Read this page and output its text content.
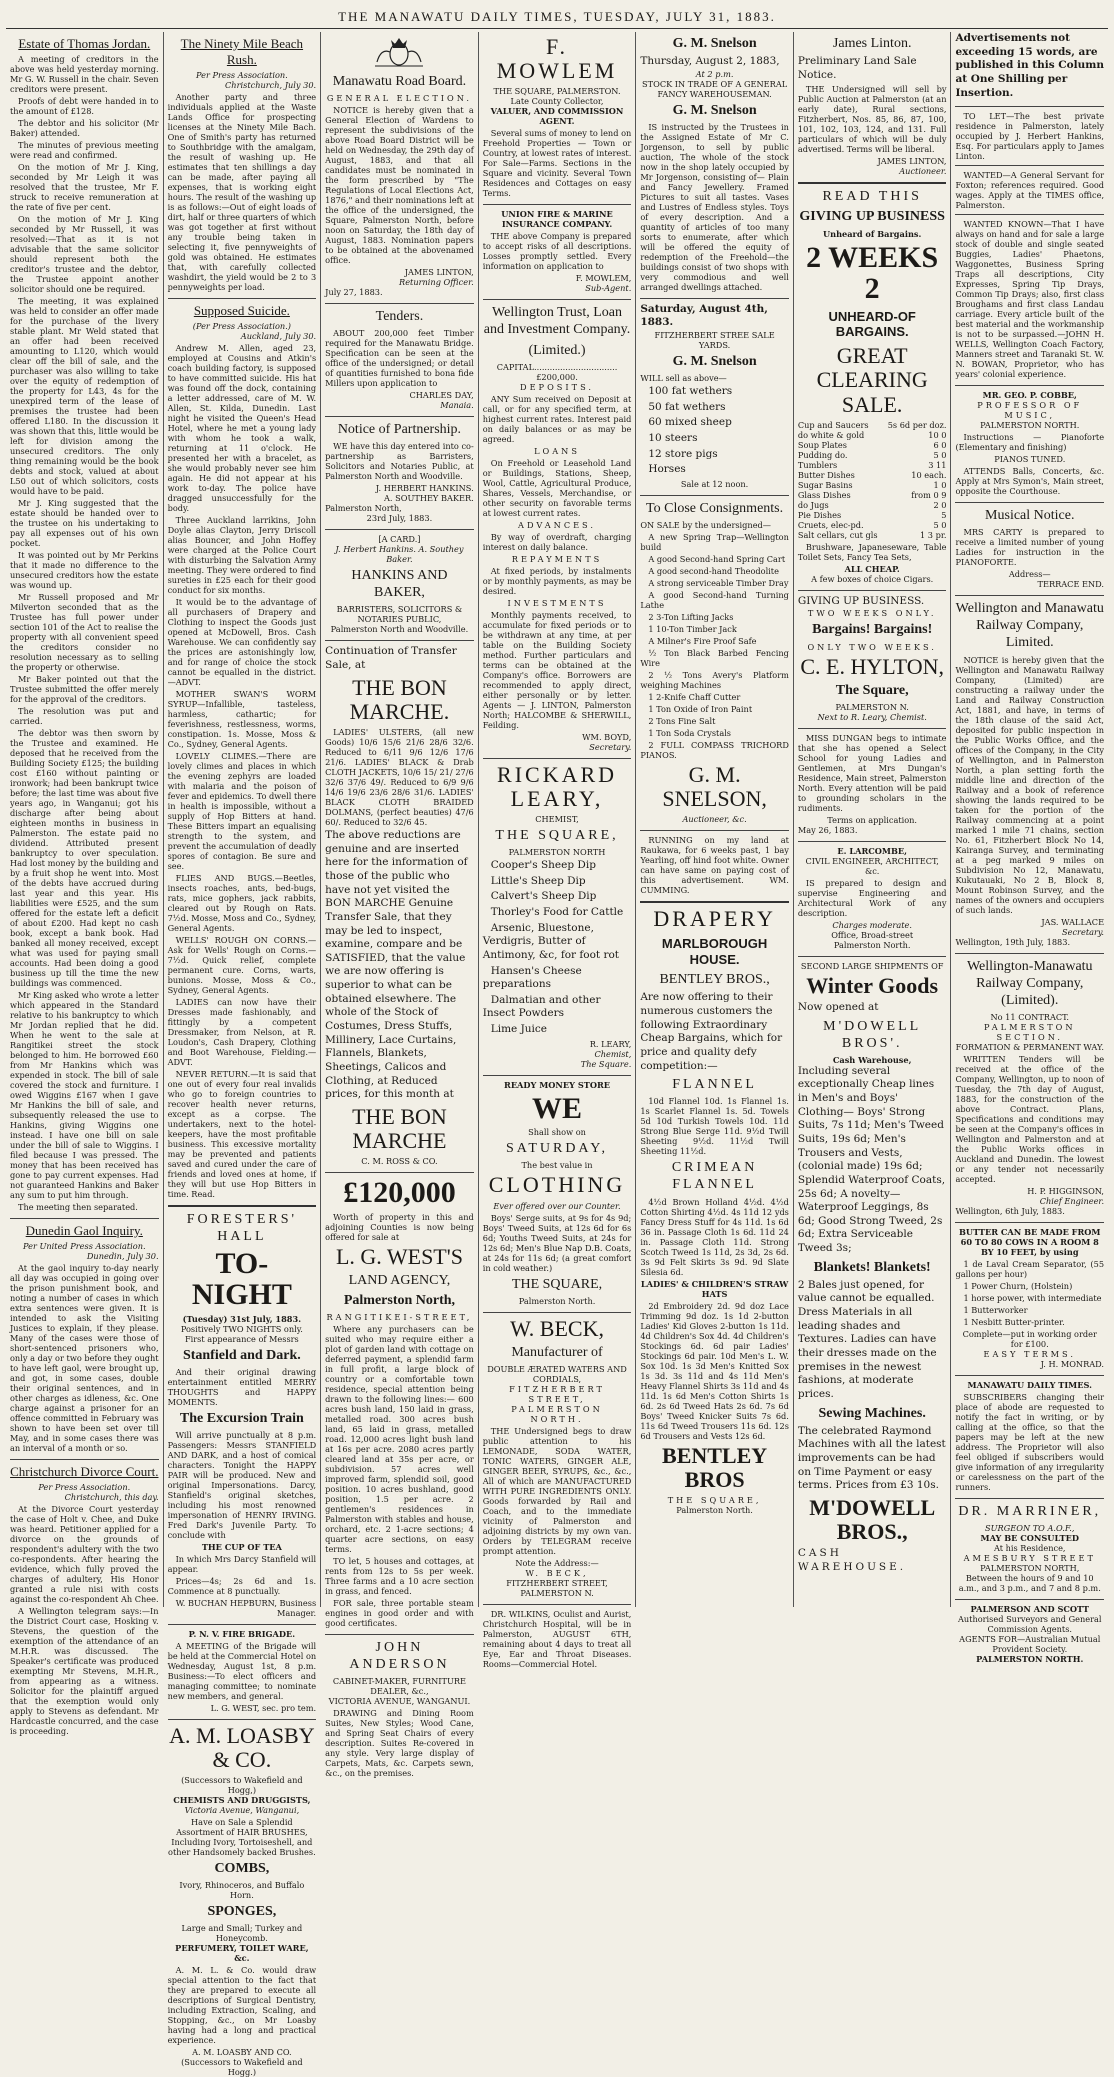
THE MANAWATU DAILY TIMES, TUESDAY, JULY 31, 1883.
Estate of Thomas Jordan.

A meeting of creditors in the above was held yesterday morning. Mr G. W. Russell in the chair. Seven creditors were present.

Proofs of debt were handed in to the amount of £128.

The debtor and his solicitor (Mr Baker) attended.

The minutes of previous meeting were read and confirmed.

On the motion of Mr J. King, seconded by Mr Leigh it was resolved that the trustee, Mr F. struck to receive remuneration at the rate of five per cent.

On the motion of Mr J. King seconded by Mr Russell, it was resolved:—That as it is not advisable that the same solicitor should represent both the creditor's trustee and the debtor, the Trustee appoint another solicitor should one be required.

The meeting, it was explained was held to consider an offer made for the purchase of the livery stable plant. Mr Weld stated that an offer had been received amounting to L120, which would clear off the bill of sale, and the purchaser was also willing to take over the equity of redemption of the property for L43, 4s for the unexpired term of the lease of premises the trustee had been offered L180. In the discussion it was shown that this, little would be left for division among the unsecured creditors. The only thing remaining would be the book debts and stock, valued at about L50 out of which solicitors, costs would have to be paid.

Mr J. King suggested that the estate should be handed over to the trustee on his undertaking to pay all expenses out of his own pocket.

It was pointed out by Mr Perkins that it made no difference to the unsecured creditors how the estate was wound up.

Mr Russell proposed and Mr Milverton seconded that as the Trustee has full power under section 101 of the Act to realise the property with all convenient speed the creditors consider no resolution necessary as to selling the property or otherwise.

Mr Baker pointed out that the Trustee submitted the offer merely for the approval of the creditors.

The resolution was put and carried.

The debtor was then sworn by the Trustee and examined. He deposed that he received from the Building Society £125; the building cost £160 without painting or ironwork; had been bankrupt twice before; the last time was about five years ago, in Wanganui; got his discharge after being about eighteen months in business in Palmerston. The estate paid no dividend. Attributed present bankruptcy to over speculation. Had lost money by the building and by a fruit shop he went into. Most of the debts have accrued during last year and this year. His liabilities were £525, and the sum offered for the estate left a deficit of about £200. Had kept no cash book, except a bank book. Had banked all money received, except what was used for paying small accounts. Had been doing a good business up till the time the new buildings was commenced.

Mr King asked who wrote a letter which appeared in the Standard relative to his bankruptcy to which Mr Jordan replied that he did. When he went to the sale at Rangitikei street the stock belonged to him. He borrowed £60 from Mr Hankins which was expended in stock. The bill of sale covered the stock and furniture. I owed Wiggins £167 when I gave Mr Hankins the bill of sale, and subsequently released the use to Hankins, giving Wiggins one instead. I have one bill on sale under the bill of sale to Wiggins. I filed because I was pressed. The money that has been received has gone to pay current expenses. Had not guaranteed Hankins and Baker any sum to put him through.

The meeting then separated.

Dunedin Gaol Inquiry.
Per United Press Association.
Dunedin, July 30.

At the gaol inquiry to-day nearly all day was occupied in going over the prison punishment book, and noting a number of cases in which extra sentences were given. It is intended to ask the Visiting Justices to explain, if they please. Many of the cases were those of short-sentenced prisoners who, only a day or two before they ought to have left gaol, were brought up, and got, in some cases, double their original sentences, and in other charges as idleness, &c. One charge against a prisoner for an offence committed in February was shown to have been set over till May, and in some cases there was an interval of a month or so.

Christchurch Divorce Court.
Per Press Association.
Christchurch, this day.

At the Divorce Court yesterday the case of Holt v. Chee, and Duke was heard. Petitioner applied for a divorce on the grounds of respondent's adultery with the two co-respondents. After hearing the evidence, which fully proved the charges of adultery, His Honor granted a rule nisi with costs against the co-respondent Ah Chee.

A Wellington telegram says:—In the District Court case, Hosking v. Stevens, the question of the exemption of the attendance of an M.H.R. was discussed. The Speaker's certificate was produced exempting Mr Stevens, M.H.R., from appearing as a witness. Solicitor for the plaintiff argued that the exemption would only apply to Stevens as defendant. Mr Hardcastle concurred, and the case is proceeding.

The Ninety Mile Beach Rush.
Per Press Association.
Christchurch, July 30.

Another party and three individuals applied at the Waste Lands Office for prospecting licenses at the Ninety Mile Bach. One of Smith's party has returned to Southbridge with the amalgam, the result of washing up. He estimates that ten shillings a day can be made, after paying all expenses, that is working eight hours. The result of the washing up is as follows:—Out of eight loads of dirt, half or three quarters of which was got together at first without any trouble being taken in selecting it, five pennyweights of gold was obtained. He estimates that, with carefully collected washdirt, the yield would be 2 to 3 pennyweights per load.

Supposed Suicide.
(Per Press Association.)
Auckland, July 30.

Andrew M. Allen, aged 23, employed at Cousins and Atkin's coach building factory, is supposed to have committed suicide. His hat was found off the dock, containing a letter addressed, care of M. W. Allen, St. Kilda, Dunedin. Last night he visited the Queen's Head Hotel, where he met a young lady with whom he took a walk, returning at 11 o'clock. He presented her with a bracelet, as she would probably never see him again. He did not appear at his work to-day. The police have dragged unsuccessfully for the body.

Three Auckland larrikins, John Doyle alias Clayton, Jerry Driscoll alias Bouncer, and John Hoffey were charged at the Police Court with disturbing the Salvation Army meeting. They were ordered to find sureties in £25 each for their good conduct for six months.

It would be to the advantage of all purchasers of Drapery and Clothing to inspect the Goods just opened at McDowell, Bros. Cash Warehouse. We can confidently say the prices are astonishingly low, and for range of choice the stock cannot be equalled in the district.—ADVT.

MOTHER SWAN'S WORM SYRUP—Infallible, tasteless, harmless, cathartic; for feverishness, restlessness, worms, constipation. 1s. Mosse, Moss & Co., Sydney, General Agents.

LOVELY CLIMES.—There are lovely climes and places in which the evening zephyrs are loaded with malaria and the poison of fever and epidemics. To dwell there in health is impossible, without a supply of Hop Bitters at hand. These Bitters impart an equalising strength to the system, and prevent the accumulation of deadly spores of contagion. Be sure and see.

FLIES AND BUGS.—Beetles, insects roaches, ants, bed-bugs, rats, mice gophers, jack rabbits, cleared out by Rough on Rats. 7½d. Mosse, Moss and Co., Sydney, General Agents.

WELLS' ROUGH ON CORNS.—Ask for Wells' Rough on Corns.—7½d. Quick relief, complete permanent cure. Corns, warts, bunions. Mosse, Moss & Co., Sydney, General Agents.

LADIES can now have their Dresses made fashionably, and fittingly by a competent Dressmaker, from Nelson, at R. Loudon's, Cash Drapery, Clothing and Boot Warehouse, Fielding.—ADVT.

NEVER RETURN.—It is said that one out of every four real invalids who go to foreign countries to recover health never returns, except as a corpse. The undertakers, next to the hotel-keepers, have the most profitable business. This excessive mortality may be prevented and patients saved and cured under the care of friends and loved ones at home, if they will but use Hop Bitters in time. Read.

FORESTERS' HALL
TO-NIGHT
(Tuesday) 31st July, 1883.
Positively TWO NIGHTS only.
First appearance of Messrs
Stanfield and Dark.

And their original drawing entertainment entitled MERRY THOUGHTS and HAPPY MOMENTS.

The Excursion Train

Will arrive punctually at 8 p.m. Passengers: Messrs STANFIELD AND DARK, and a host of comical characters. Tonight the HAPPY PAIR will be produced. New and original Impersonations. Darcy, Stanfield's original sketches, including his most renowned impersonation of HENRY IRVING. Fred Dark's Juvenile Party. To conclude with

THE CUP OF TEA

In which Mrs Darcy Stanfield will appear.

Prices—4s; 2s 6d and 1s. Commence at 8 punctually.

W. BUCHAN HEPBURN, Business Manager.
P. N. V. FIRE BRIGADE.

A MEETING of the Brigade will be held at the Commercial Hotel on Wednesday, August 1st, 8 p.m. Business:—To elect officers and managing committee; to nominate new members, and general.

L. G. WEST, sec. pro tem.
A. M. LOASBY & CO.
(Successors to Wakefield and Hogg,)
CHEMISTS AND DRUGGISTS,
Victoria Avenue, Wanganui,

Have on Sale a Splendid Assortment of HAIR BRUSHES, Including Ivory, Tortoiseshell, and other Handsomely backed Brushes.

COMBS,
Ivory, Rhinoceros, and Buffalo Horn.
SPONGES,
Large and Small; Turkey and Honeycomb.
PERFUMERY, TOILET WARE, &c.

A. M. L. & Co. would draw special attention to the fact that they are prepared to execute all descriptions of Surgical Dentistry, including Extraction, Scaling, and Stopping, &c., on Mr Loasby having had a long and practical experience.

A. M. LOASBY AND CO.
(Successors to Wakefield and Hogg.)
Manawatu Road Board.
GENERAL ELECTION.

NOTICE is hereby given that a General Election of Wardens to represent the subdivisions of the above Road Board District will be held on Wednesday, the 29th day of August, 1883, and that all candidates must be nominated in the form prescribed by "The Regulations of Local Elections Act, 1876," and their nominations left at the office of the undersigned, the Square, Palmerston North, before noon on Saturday, the 18th day of August, 1883. Nomination papers to be obtained at the abovenamed office.

JAMES LINTON,
Returning Officer.
July 27, 1883.
Tenders.

ABOUT 200,000 feet Timber required for the Manawatu Bridge. Specification can be seen at the office of the undersigned; or detail of quantities furnished to bona fide Millers upon application to

CHARLES DAY,
Manaia.
Notice of Partnership.

WE have this day entered into co-partnership as Barristers, Solicitors and Notaries Public, at Palmerston North and Woodville.

J. HERBERT HANKINS.
A. SOUTHEY BAKER.
Palmerston North,
23rd July, 1883.
[A CARD.]
J. Herbert Hankins. A. Southey Baker.
HANKINS AND BAKER,
BARRISTERS, SOLICITORS & NOTARIES PUBLIC,
Palmerston North and Woodville.
Continuation of Transfer Sale, at
THE BON MARCHE.

LADIES' ULSTERS, (all new Goods) 10/6 15/6 21/6 28/6 32/6. Reduced to 6/11 9/6 12/6 17/6 21/6. LADIES' BLACK & Drab CLOTH JACKETS, 10/6 15/ 21/ 27/6 32/6 37/6 49/. Reduced to 6/9 9/6 14/6 19/6 23/6 28/6 31/6. LADIES' BLACK CLOTH BRAIDED DOLMANS, (perfect beauties) 47/6 60/. Reduced to 32/6 45.

The above reductions are genuine and are inserted here for the information of those of the public who have not yet visited the BON MARCHE Genuine Transfer Sale, that they may be led to inspect, examine, compare and be SATISFIED, that the value we are now offering is superior to what can be obtained elsewhere. The whole of the Stock of Costumes, Dress Stuffs, Millinery, Lace Curtains, Flannels, Blankets, Sheetings, Calicos and Clothing, at Reduced prices, for this month at
THE BON MARCHE
C. M. ROSS & CO.
£120,000

Worth of property in this and adjoining Counties is now being offered for sale at

L. G. WEST'S
LAND AGENCY,
Palmerston North,
RANGITIKEI-STREET,

Where any purchasers can be suited who may require either a plot of garden land with cottage on deferred payment, a splendid farm in full profit, a large block of country or a comfortable town residence, special attention being drawn to the following lines:— 600 acres bush land, 150 laid in grass, metalled road. 300 acres bush land, 65 laid in grass, metalled road. 12,000 acres light bush land at 16s per acre. 2080 acres partly cleared land at 35s per acre, or subdivision. 57 acres well improved farm, splendid soil, good position. 10 acres bushland, good position, 1.5 per acre. 2 gentlemen's residences in Palmerston with stables and house, orchard, etc. 2 1-acre sections; 4 quarter acre sections, on easy terms.

TO let, 5 houses and cottages, at rents from 12s to 5s per week. Three farms and a 10 acre section in grass, and fenced.

FOR sale, three portable steam engines in good order and with good certificates.

JOHN ANDERSON
CABINET-MAKER, FURNITURE DEALER, &c.,
VICTORIA AVENUE, WANGANUI.

DRAWING and Dining Room Suites, New Styles; Wood Cane, and Spring Seat Chairs of every description. Suites Re-covered in any style. Very large display of Carpets, Mats, &c. Carpets sewn, &c., on the premises.

F. MOWLEM
THE SQUARE, PALMERSTON.
Late County Collector,
VALUER, AND COMMISSION AGENT.

Several sums of money to lend on Freehold Properties — Town or Country, at lowest rates of interest. For Sale—Farms. Sections in the Square and vicinity. Several Town Residences and Cottages on easy Terms.

UNION FIRE & MARINE INSURANCE COMPANY.

THE above Company is prepared to accept risks of all descriptions. Losses promptly settled. Every information on application to

F. MOWLEM,
Sub-Agent.
Wellington Trust, Loan and Investment Company.
(Limited.)
CAPITAL................................£200,000.
DEPOSITS.

ANY Sum received on Deposit at call, or for any specified term, at highest current rates. Interest paid on daily balances or as may be agreed.

LOANS

On Freehold or Leasehold Land or Buildings, Stations, Sheep, Wool, Cattle, Agricultural Produce, Shares, Vessels, Merchandise, or other security on favorable terms at lowest current rates.

ADVANCES.

By way of overdraft, charging interest on daily balance.

REPAYMENTS

At fixed periods, by instalments or by monthly payments, as may be desired.

INVESTMENTS

Monthly payments received, to accumulate for fixed periods or to be withdrawn at any time, at per table on the Building Society method. Further particulars and terms can be obtained at the Company's office. Borrowers are recommended to apply direct, either personally or by letter. Agents — J. LINTON, Palmerston North; HALCOMBE & SHERWILL, Feilding.

WM. BOYD,
Secretary.
RICKARD LEARY,
CHEMIST,
THE SQUARE,
PALMERSTON NORTH

Cooper's Sheep Dip

Little's Sheep Dip

Calvert's Sheep Dip

Thorley's Food for Cattle

Arsenic, Bluestone, Verdigris, Butter of Antimony, &c, for foot rot

Hansen's Cheese preparations

Dalmatian and other Insect Powders

Lime Juice

R. LEARY,
Chemist,
The Square.
READY MONEY STORE
WE
Shall show on
SATURDAY,
The best value in
CLOTHING
Ever offered over our Counter.

Boys' Serge suits, at 9s for 4s 9d; Boys' Tweed Suits, at 12s 6d for 6s 6d; Youths Tweed Suits, at 24s for 12s 6d; Men's Blue Nap D.B. Coats, at 24s for 11s 6d; (a great comfort in cold weather.)

THE SQUARE,
Palmerston North.
W. BECK,
Manufacturer of
DOUBLE ÆRATED WATERS AND CORDIALS,
FITZHERBERT STREET,
PALMERSTON NORTH.

THE Undersigned begs to draw public attention to his LEMONADE, SODA WATER, TONIC WATERS, GINGER ALE, GINGER BEER, SYRUPS, &c., &c., All of which are MANUFACTURED WITH PURE INGREDIENTS ONLY. Goods forwarded by Rail and Coach, and to the immediate vicinity of Palmerston and adjoining districts by my own van. Orders by TELEGRAM receive prompt attention.

Note the Address:—
W. BECK,
FITZHERBERT STREET, PALMERSTON N.

DR. WILKINS, Oculist and Aurist, Christchurch Hospital, will be in Palmerston, AUGUST 6TH, remaining about 4 days to treat all Eye, Ear and Throat Diseases. Rooms—Commercial Hotel.

G. M. Snelson
Thursday, August 2, 1883,
At 2 p.m.
STOCK IN TRADE OF A GENERAL FANCY WAREHOUSEMAN.
G. M. Snelson

IS instructed by the Trustees in the Assigned Estate of Mr C. Jorgenson, to sell by public auction, The whole of the stock now in the shop lately occupied by Mr Jorgenson, consisting of— Plain and Fancy Jewellery. Framed Pictures to suit all tastes. Vases and Lustres of Endless styles. Toys of every description. And a quantity of articles of too many sorts to enumerate, after which will be offered the equity of redemption of the Freehold—the buildings consist of two shops with very commodious and well arranged dwellings attached.

Saturday, August 4th, 1883.
FITZHERBERT STREE SALE YARDS.
G. M. Snelson
WILL sell as above—

100 fat wethers

50 fat wethers

60 mixed sheep

10 steers

12 store pigs

Horses

Sale at 12 noon.
To Close Consignments.
ON SALE by the undersigned—

A new Spring Trap—Wellington build

A good Second-hand Spring Cart

A good second-hand Theodolite

A strong serviceable Timber Dray

A good Second-hand Turning Lathe

2 3-Ton Lifting Jacks

1 10-Ton Timber Jack

A Milner's Fire Proof Safe

½ Ton Black Barbed Fencing Wire

2 ½ Tons Avery's Platform weighing Machines

1 2-Knife Chaff Cutter

1 Ton Oxide of Iron Paint

2 Tons Fine Salt

1 Ton Soda Crystals

2 FULL COMPASS TRICHORD PIANOS.

G. M. SNELSON,
Auctioneer, &c.

RUNNING on my land at Raukawa, for 6 weeks past, 1 bay Yearling, off hind foot white. Owner can have same on paying cost of this advertisement. WM. CUMMING.

DRAPERY
MARLBOROUGH HOUSE.
BENTLEY BROS.,
Are now offering to their numerous customers the following Extraordinary Cheap Bargains, which for price and quality defy competition:—
FLANNEL

10d Flannel 10d. 1s Flannel 1s. 1s Scarlet Flannel 1s. 5d. Towels 5d 10d Turkish Towels 10d. 11d Strong Blue Serge 11d. 9½d Twill Sheeting 9½d. 11½d Twill Sheeting 11½d.

CRIMEAN FLANNEL

4½d Brown Holland 4½d. 4½d Cotton Shirting 4½d. 4s 11d 12 yds Fancy Dress Stuff for 4s 11d. 1s 6d 36 in. Passage Cloth 1s 6d. 11d 24 in. Passage Cloth 11d. Strong Scotch Tweed 1s 11d, 2s 3d, 2s 6d. 3s 9d Felt Skirts 3s 9d. 9d Slate Silesia 6d.

LADIES' & CHILDREN'S STRAW HATS

2d Embroidery 2d. 9d doz Lace Trimming 9d doz. 1s 1d 2-button Ladies' Kid Gloves 2-button 1s 11d. 4d Children's Sox 4d. 4d Children's Stockings 6d. 6d pair Ladies' Stockings 6d pair. 10d Men's L. W. Sox 10d. 1s 3d Men's Knitted Sox 1s 3d. 3s 11d and 4s 11d Men's Heavy Flannel Shirts 3s 11d and 4s 11d. 1s 6d Men's Cotton Shirts 1s 6d. 2s 6d Tweed Hats 2s 6d. 7s 6d Boys' Tweed Knicker Suits 7s 6d. 11s 6d Tweed Trousers 11s 6d. 12s 6d Trousers and Vests 12s 6d.

BENTLEY BROS
THE SQUARE,
Palmerston North.
James Linton.
Preliminary Land Sale Notice.

THE Undersigned will sell by Public Auction at Palmerston (at an early date), Rural sections, Fitzherbert, Nos. 85, 86, 87, 100, 101, 102, 103, 124, and 131. Full particulars of which will be duly advertised. Terms will be liberal.

JAMES LINTON,
Auctioneer.
READ THIS
GIVING UP BUSINESS
Unheard of Bargains.
2 WEEKS 2
UNHEARD-OF BARGAINS.
GREAT CLEARING SALE.
Cup and Saucers 5s 6d per doz.
do white & gold	10 0
Soup Plates	6 0
Pudding do.	5 0
Tumblers	3 11
Butter Dishes	10 each.
Sugar Basins	1 0
Glass Dishes	from 0 9
do Jugs	2 0
Pie Dishes	5
Cruets, elec-pd.	5 0
Salt cellars, cut gls	1 3 pr.

Brushware, Japaneseware, Table Toilet Sets, Fancy Tea Sets,

ALL CHEAP.
A few boxes of choice Cigars.
GIVING UP BUSINESS.
TWO WEEKS ONLY.
Bargains! Bargains!
ONLY TWO WEEKS.
C. E. HYLTON,
The Square,
PALMERSTON N.
Next to R. Leary, Chemist.

MISS DUNGAN begs to intimate that she has opened a Select School for young Ladies and Gentlemen, at Mrs Dungan's Residence, Main street, Palmerston North. Every attention will be paid to grounding scholars in the rudiments.

Terms on application.
May 26, 1883.
E. LARCOMBE,
CIVIL ENGINEER, ARCHITECT, &c.

IS prepared to design and supervise Engineering and Architectural Work of any description.

Charges moderate.
Office, Broad-street
Palmerston North.
SECOND LARGE SHIPMENTS OF
Winter Goods
Now opened at
M'DOWELL BROS'.
Cash Warehouse,
Including several exceptionally Cheap lines in Men's and Boys' Clothing— Boys' Strong Suits, 7s 11d; Men's Tweed Suits, 19s 6d; Men's Trousers and Vests, (colonial made) 19s 6d; Splendid Waterproof Coats, 25s 6d; A novelty—Waterproof Leggings, 8s 6d; Good Strong Tweed, 2s 6d; Extra Serviceable Tweed 3s;
Blankets! Blankets!
2 Bales just opened, for value cannot be equalled. Dress Materials in all leading shades and Textures. Ladies can have their dresses made on the premises in the newest fashions, at moderate prices.
Sewing Machines.
The celebrated Raymond Machines with all the latest improvements can be had on Time Payment or easy terms. Prices from £3 10s.
M'DOWELL BROS.,
CASH WAREHOUSE.
Advertisements not exceeding 15 words, are published in this Column at One Shilling per Insertion.

TO LET—The best private residence in Palmerston, lately occupied by J. Herbert Hankins, Esq. For particulars apply to James Linton.

WANTED—A General Servant for Foxton; references required. Good wages. Apply at the TIMES office, Palmerston.

WANTED KNOWN—That I have always on hand and for sale a large stock of double and single seated Buggies, Ladies' Phaetons, Waggonettes, Business Spring Traps all descriptions, City Expresses, Spring Tip Drays, Common Tip Drays; also, first class Broughams and first class Landau carriage. Every article built of the best material and the workmanship is not to be surpassed.—JOHN H. WELLS, Wellington Coach Factory, Manners street and Taranaki St. W. N. BOWAN, Proprietor, who has years' colonial experience.

MR. GEO. P. COBBE,
PROFESSOR OF MUSIC,
PALMERSTON NORTH.

Instructions — Pianoforte (Elementary and finishing)

PIANOS TUNED.

ATTENDS Balls, Concerts, &c. Apply at Mrs Symon's, Main street, opposite the Courthouse.

Musical Notice.

MRS CARTY is prepared to receive a limited number of young Ladies for instruction in the PIANOFORTE.

Address—
TERRACE END.
Wellington and Manawatu Railway Company, Limited.

NOTICE is hereby given that the Wellington and Manawatu Railway Company, (Limited) are constructing a railway under the Land and Railway Construction Act, 1881, and have, in terms of the 18th clause of the said Act, deposited for public inspection in the Public Works Office, and the offices of the Company, in the City of Wellington, and in Palmerston North, a plan setting forth the middle line and direction of the Railway and a book of reference showing the lands required to be taken for the portion of the Railway commencing at a point marked 1 mile 71 chains, section No. 61, Fitzherbert Block No 14, Kairanga Survey, and terminating at a peg marked 9 miles on Subdivision No 12, Manawatu, Kukutauaki, No 2 B, Block 8, Mount Robinson Survey, and the names of the owners and occupiers of such lands.

JAS. WALLACE
Secretary.
Wellington, 19th July, 1883.
Wellington-Manawatu Railway Company, (Limited).
No 11 CONTRACT.
PALMERSTON SECTION.
FORMATION & PERMANENT WAY.

WRITTEN Tenders will be received at the office of the Company, Wellington, up to noon of Tuesday, the 7th day of August, 1883, for the construction of the above Contract. Plans, Specifications and conditions may be seen at the Company's offices in Wellington and Palmerston and at the Public Works offices in Auckland and Dunedin. The lowest or any tender not necessarily accepted.

H. P. HIGGINSON,
Chief Engineer.
Wellington, 6th July, 1883.
BUTTER CAN BE MADE FROM 60 TO 80 COWS IN A ROOM 8 BY 10 FEET, by using

1 de Laval Cream Separator, (55 gallons per hour)

1 Power Churn, (Holstein)

1 horse power, with intermediate

1 Butterworker

1 Nesbitt Butter-printer.

Complete—put in working order for £100.
EASY TERMS.
J. H. MONRAD.
MANAWATU DAILY TIMES.

SUBSCRIBERS changing their place of abode are requested to notify the fact in writing, or by calling at the office, so that the papers may be left at the new address. The Proprietor will also feel obliged if subscribers would give information of any irregularity or carelessness on the part of the runners.

DR. MARRINER,
SURGEON TO A.O.F.,
MAY BE CONSULTED
At his Residence,
AMESBURY STREET
PALMERSTON NORTH,
Between the hours of 9 and 10 a.m., and 3 p.m., and 7 and 8 p.m.
PALMERSON AND SCOTT
Authorised Surveyors and General Commission Agents.
AGENTS FOR—Australian Mutual Provident Society.
PALMERSTON NORTH.
